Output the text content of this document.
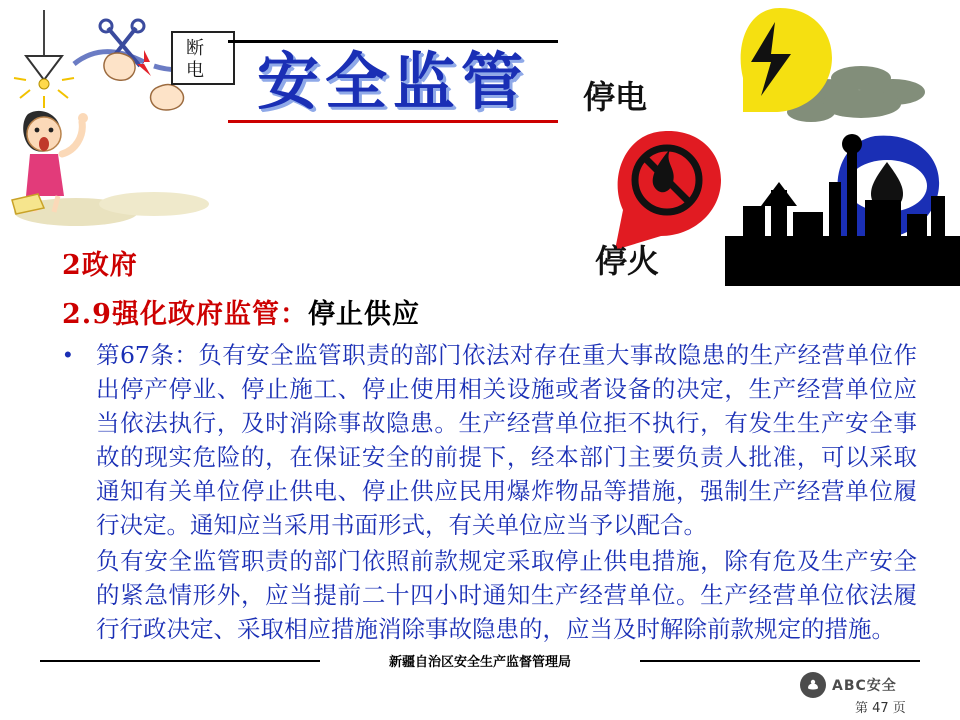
断
电 安全监管	停电
停火
2政府
2.9强化政府监管：停止供应
•	第67条：负有安全监管职责的部门依法对存在重大事故隐患的生产经营单位作出停产停业、停止施工、停止使用相关设施或者设备的决定，生产经营单位应当依法执行，及时消除事故隐患。生产经营单位拒不执行，有发生生产安全事故的现实危险的，在保证安全的前提下，经本部门主要负责人批准，可以采取通知有关单位停止供电、停止供应民用爆炸物品等措施，强制生产经营单位履行决定。通知应当采用书面形式，有关单位应当予以配合。
负有安全监管职责的部门依照前款规定采取停止供电措施，除有危及生产安全的紧急情形外，应当提前二十四小时通知生产经营单位。生产经营单位依法履行行政决定、采取相应措施消除事故隐患的，应当及时解除前款规定的措施。
新疆自治区安全生产监督管理局
第 47 页
ABC安全
